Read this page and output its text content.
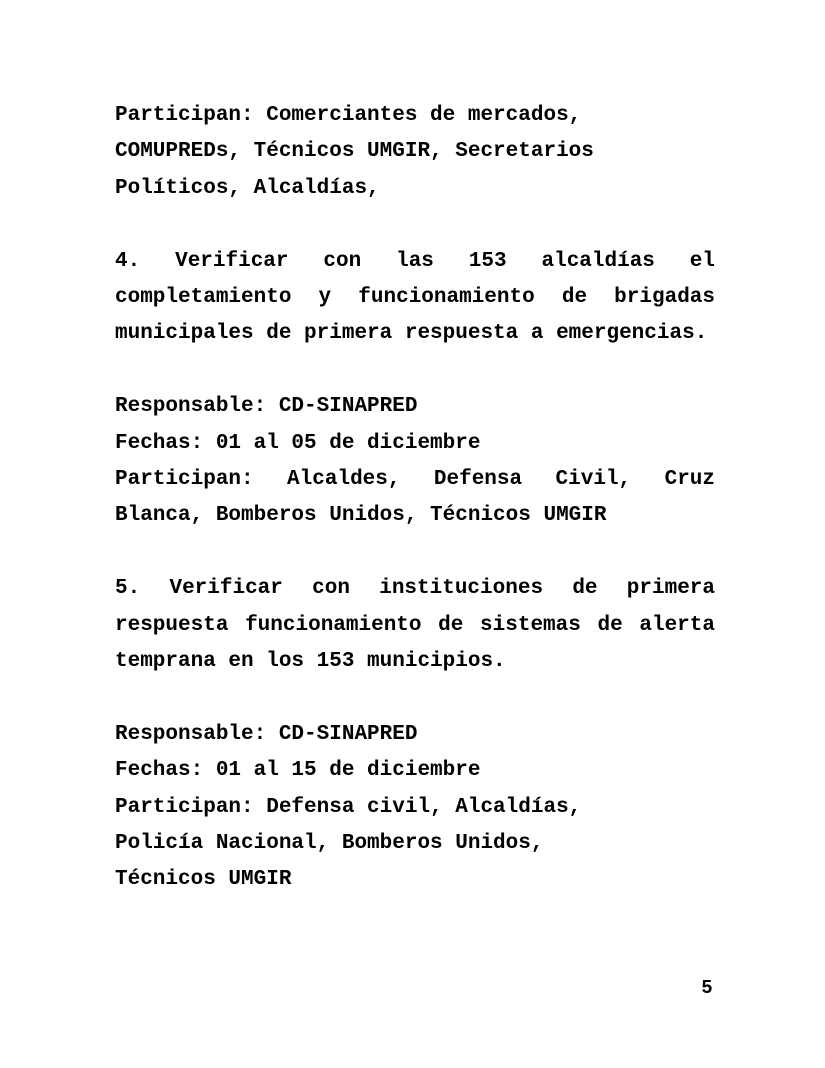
Participan: Comerciantes de mercados,
COMUPREDs, Técnicos UMGIR, Secretarios
Políticos, Alcaldías,
4. Verificar con las 153 alcaldías el
completamiento y funcionamiento de brigadas
municipales de primera respuesta a emergencias.
Responsable: CD-SINAPRED
Fechas: 01 al 05 de diciembre
Participan: Alcaldes, Defensa Civil, Cruz
Blanca, Bomberos Unidos, Técnicos UMGIR
5. Verificar con instituciones de primera
respuesta funcionamiento de sistemas de alerta
temprana en los 153 municipios.
Responsable: CD-SINAPRED
Fechas: 01 al 15 de diciembre
Participan: Defensa civil, Alcaldías,
Policía Nacional, Bomberos Unidos,
Técnicos UMGIR
5
